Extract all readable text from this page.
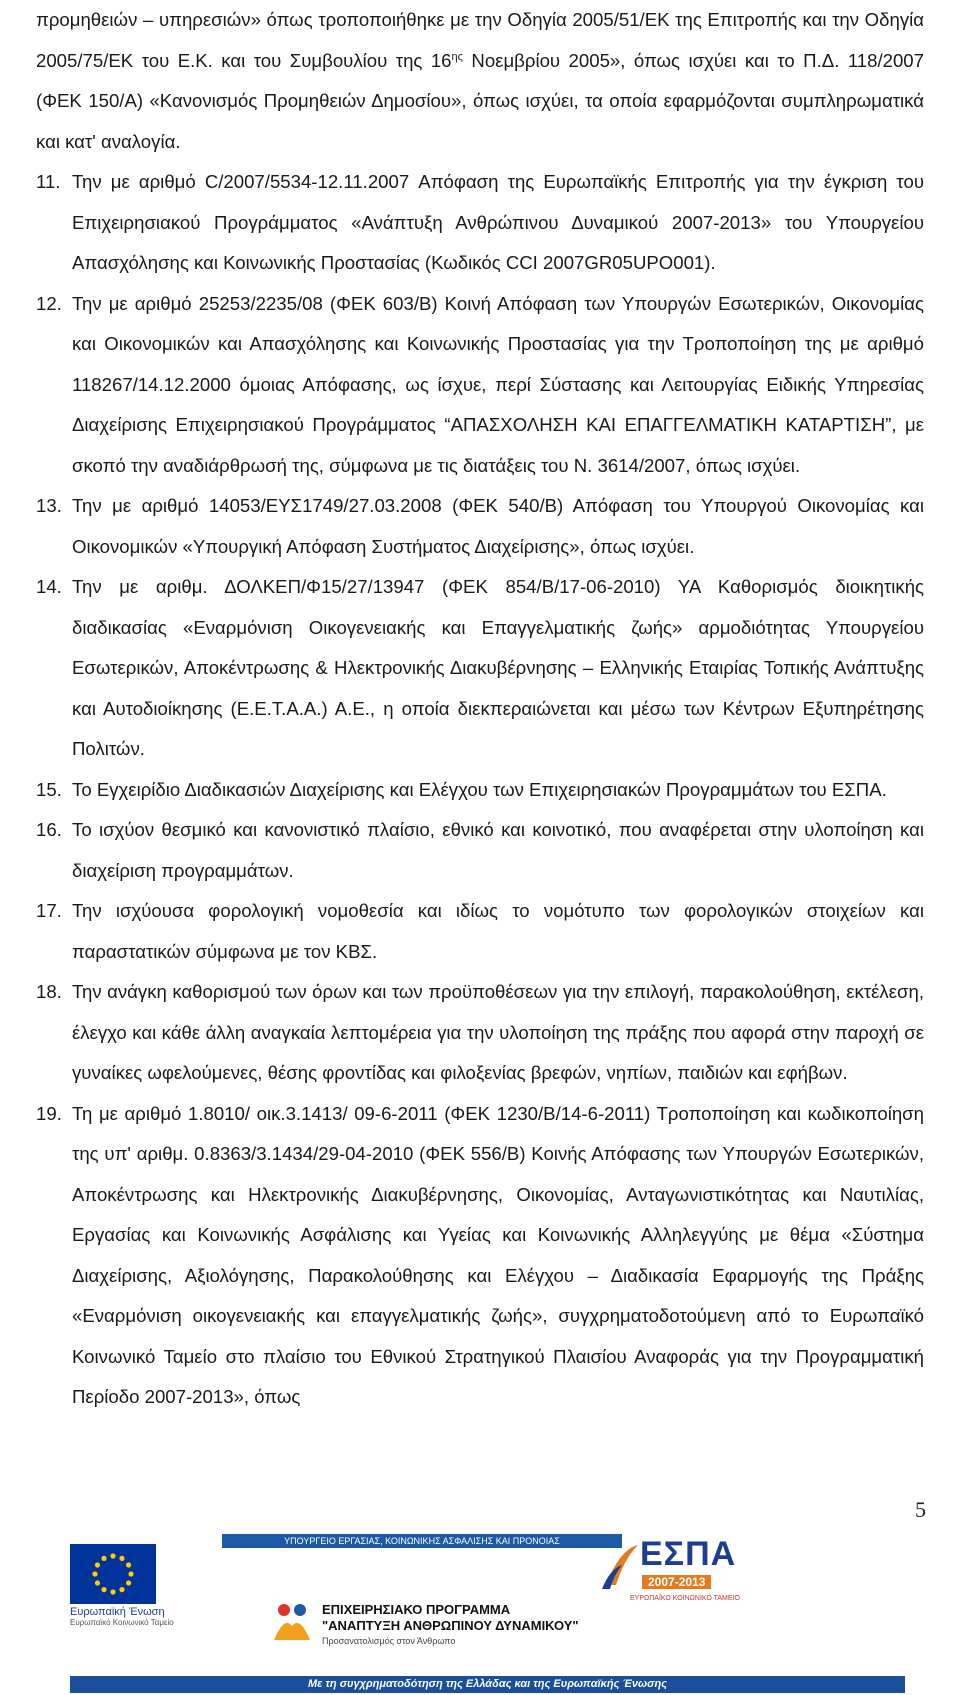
προμηθειών – υπηρεσιών» όπως τροποποιήθηκε με την Οδηγία 2005/51/ΕΚ της Επιτροπής και την Οδηγία 2005/75/ΕΚ του Ε.Κ. και του Συμβουλίου της $16^{\eta\varsigma}$ Νοεμβρίου 2005», όπως ισχύει και το Π.Δ. 118/2007 (ΦΕΚ 150/Α) «Κανονισμός Προμηθειών Δημοσίου», όπως ισχύει, τα οποία εφαρμόζονται συμπληρωματικά και κατ' αναλογία.

11. Την με αριθμό C/2007/5534-12.11.2007 Απόφαση της Ευρωπαϊκής Επιτροπής για την έγκριση του Επιχειρησιακού Προγράμματος «Ανάπτυξη Ανθρώπινου Δυναμικού 2007-2013» του Υπουργείου Απασχόλησης και Κοινωνικής Προστασίας (Κωδικός CCI 2007GR05UPO001).
12. Την με αριθμό 25253/2235/08 (ΦΕΚ 603/Β) Κοινή Απόφαση των Υπουργών Εσωτερικών, Οικονομίας και Οικονομικών και Απασχόλησης και Κοινωνικής Προστασίας για την Τροποποίηση της με αριθμό 118267/14.12.2000 όμοιας Απόφασης, ως ίσχυε, περί Σύστασης και Λειτουργίας Ειδικής Υπηρεσίας Διαχείρισης Επιχειρησιακού Προγράμματος “ΑΠΑΣΧΟΛΗΣΗ ΚΑΙ ΕΠΑΓΓΕΛΜΑΤΙΚΗ ΚΑΤΑΡΤΙΣΗ”, με σκοπό την αναδιάρθρωσή της, σύμφωνα με τις διατάξεις του Ν. 3614/2007, όπως ισχύει.
13. Την με αριθμό 14053/ΕΥΣ1749/27.03.2008 (ΦΕΚ 540/Β) Απόφαση του Υπουργού Οικονομίας και Οικονομικών «Υπουργική Απόφαση Συστήματος Διαχείρισης», όπως ισχύει.
14. Την με αριθμ. ΔΟΛΚΕΠ/Φ15/27/13947 (ΦΕΚ 854/Β/17-06-2010) ΥΑ Καθορισμός διοικητικής διαδικασίας «Εναρμόνιση Οικογενειακής και Επαγγελματικής ζωής» αρμοδιότητας Υπουργείου Εσωτερικών, Αποκέντρωσης & Ηλεκτρονικής Διακυβέρνησης – Ελληνικής Εταιρίας Τοπικής Ανάπτυξης και Αυτοδιοίκησης (Ε.Ε.Τ.Α.Α.) Α.Ε., η οποία διεκπεραιώνεται και μέσω των Κέντρων Εξυπηρέτησης Πολιτών.
15. Το Εγχειρίδιο Διαδικασιών Διαχείρισης και Ελέγχου των Επιχειρησιακών Προγραμμάτων του ΕΣΠΑ.
16. Το ισχύον θεσμικό και κανονιστικό πλαίσιο, εθνικό και κοινοτικό, που αναφέρεται στην υλοποίηση και διαχείριση προγραμμάτων.
17. Την ισχύουσα φορολογική νομοθεσία και ιδίως το νομότυπο των φορολογικών στοιχείων και παραστατικών σύμφωνα με τον ΚΒΣ.
18. Την ανάγκη καθορισμού των όρων και των προϋποθέσεων για την επιλογή, παρακολούθηση, εκτέλεση, έλεγχο και κάθε άλλη αναγκαία λεπτομέρεια για την υλοποίηση της πράξης που αφορά στην παροχή σε γυναίκες ωφελούμενες, θέσης φροντίδας και φιλοξενίας βρεφών, νηπίων, παιδιών και εφήβων.
19. Τη με αριθμό 1.8010/ οικ.3.1413/ 09-6-2011 (ΦΕΚ 1230/Β/14-6-2011) Τροποποίηση και κωδικοποίηση της υπ' αριθμ. 0.8363/3.1434/29-04-2010 (ΦΕΚ 556/Β) Κοινής Απόφασης των Υπουργών Εσωτερικών, Αποκέντρωσης και Ηλεκτρονικής Διακυβέρνησης, Οικονομίας, Ανταγωνιστικότητας και Ναυτιλίας, Εργασίας και Κοινωνικής Ασφάλισης και Υγείας και Κοινωνικής Αλληλεγγύης με θέμα «Σύστημα Διαχείρισης, Αξιολόγησης, Παρακολούθησης και Ελέγχου – Διαδικασία Εφαρμογής της Πράξης «Εναρμόνιση οικογενειακής και επαγγελματικής ζωής», συγχρηματοδοτούμενη από το Ευρωπαϊκό Κοινωνικό Ταμείο στο πλαίσιο του Εθνικού Στρατηγικού Πλαισίου Αναφοράς για την Προγραμματική Περίοδο 2007-2013», όπως
5
Ευρωπαϊκή Ένωση
Ευρωπαϊκό Κοινωνικό Ταμείο
ΥΠΟΥΡΓΕΙΟ ΕΡΓΑΣΙΑΣ, ΚΟΙΝΩΝΙΚΗΣ ΑΣΦΑΛΙΣΗΣ ΚΑΙ ΠΡΟΝΟΙΑΣ
ΕΠΙΧΕΙΡΗΣΙΑΚΟ ΠΡΟΓΡΑΜΜΑ
"ΑΝΑΠΤΥΞΗ ΑΝΘΡΩΠΙΝΟΥ ΔΥΝΑΜΙΚΟΥ"
Προσανατολισμός στον Άνθρωπο
ΕΣΠΑ
2007-2013
ΕΥΡΩΠΑΪΚΟ ΚΟΙΝΩΝΙΚΟ ΤΑΜΕΙΟ
Με τη συγχρηματοδότηση της Ελλάδας και της Ευρωπαϊκής Ένωσης
